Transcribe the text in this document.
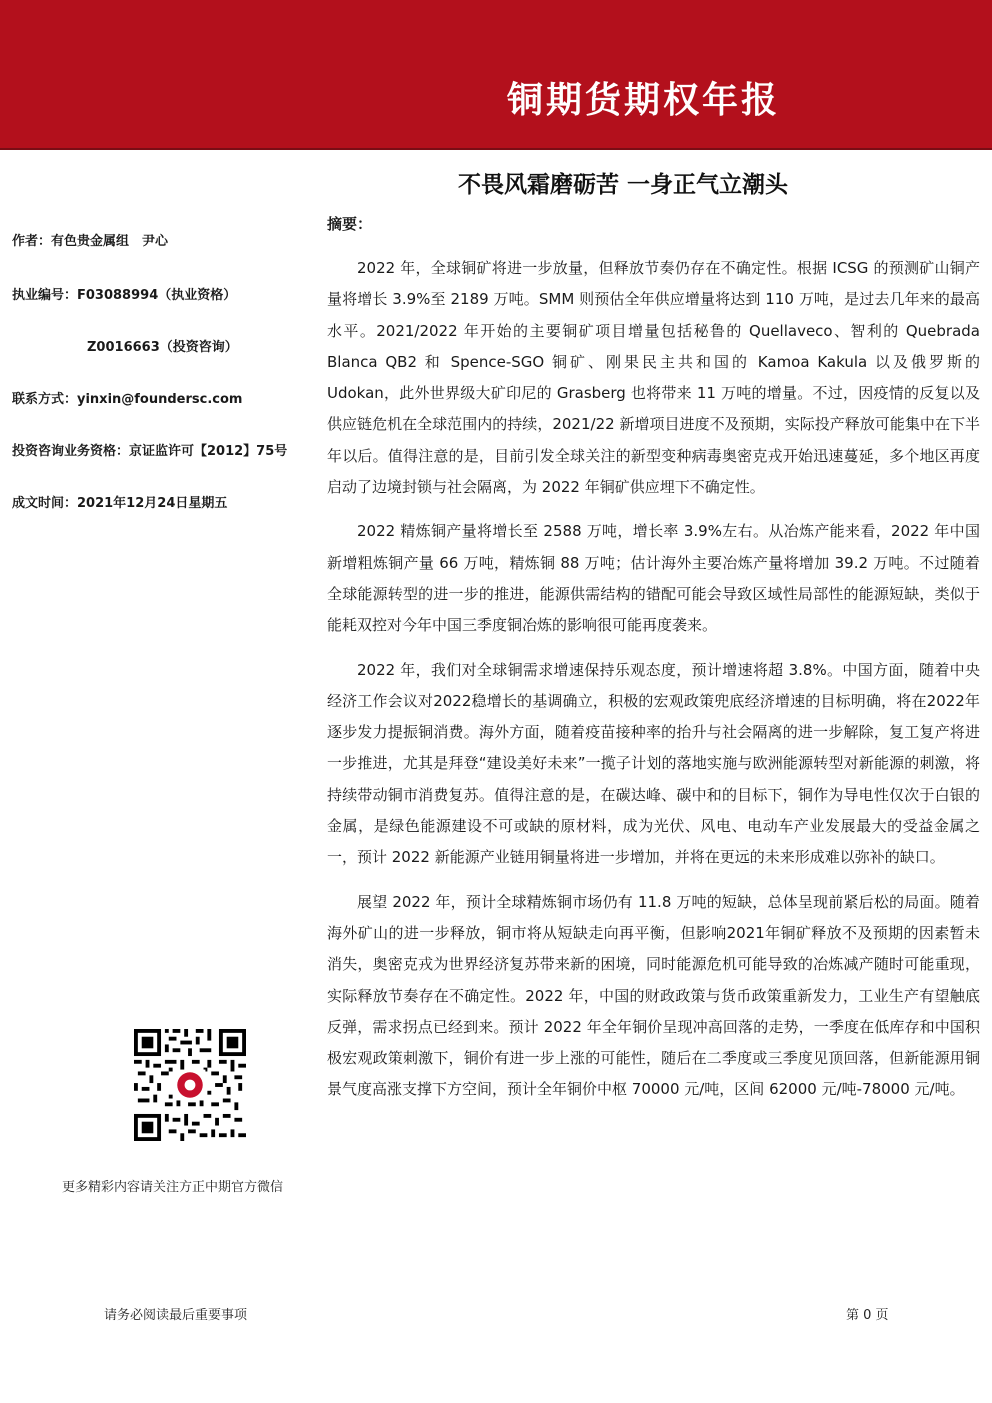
铜期货期权年报
不畏风霜磨砺苦 一身正气立潮头
作者：有色贵金属组　尹心
执业编号：F03088994（执业资格）
Z0016663（投资咨询）
联系方式：yinxin@foundersc.com
投资咨询业务资格：京证监许可【2012】75号
成文时间：2021年12月24日星期五
摘要：

2022 年，全球铜矿将进一步放量，但释放节奏仍存在不确定性。根据 ICSG 的预测矿山铜产量将增长 3.9%至 2189 万吨。SMM 则预估全年供应增量将达到 110 万吨，是过去几年来的最高水平。2021/2022 年开始的主要铜矿项目增量包括秘鲁的 Quellaveco、智利的 Quebrada Blanca QB2 和 Spence-SGO 铜矿、刚果民主共和国的 Kamoa Kakula 以及俄罗斯的 Udokan，此外世界级大矿印尼的 Grasberg 也将带来 11 万吨的增量。不过，因疫情的反复以及供应链危机在全球范围内的持续，2021/22 新增项目进度不及预期，实际投产释放可能集中在下半年以后。值得注意的是，目前引发全球关注的新型变种病毒奥密克戎开始迅速蔓延，多个地区再度启动了边境封锁与社会隔离，为 2022 年铜矿供应埋下不确定性。

2022 精炼铜产量将增长至 2588 万吨，增长率 3.9%左右。从冶炼产能来看，2022 年中国新增粗炼铜产量 66 万吨，精炼铜 88 万吨；估计海外主要冶炼产量将增加 39.2 万吨。不过随着全球能源转型的进一步的推进，能源供需结构的错配可能会导致区域性局部性的能源短缺，类似于能耗双控对今年中国三季度铜冶炼的影响很可能再度袭来。

2022 年，我们对全球铜需求增速保持乐观态度，预计增速将超 3.8%。中国方面，随着中央经济工作会议对2022稳增长的基调确立，积极的宏观政策兜底经济增速的目标明确，将在2022年逐步发力提振铜消费。海外方面，随着疫苗接种率的抬升与社会隔离的进一步解除，复工复产将进一步推进，尤其是拜登“建设美好未来”一揽子计划的落地实施与欧洲能源转型对新能源的刺激，将持续带动铜市消费复苏。值得注意的是，在碳达峰、碳中和的目标下，铜作为导电性仅次于白银的金属，是绿色能源建设不可或缺的原材料，成为光伏、风电、电动车产业发展最大的受益金属之一，预计 2022 新能源产业链用铜量将进一步增加，并将在更远的未来形成难以弥补的缺口。

展望 2022 年，预计全球精炼铜市场仍有 11.8 万吨的短缺，总体呈现前紧后松的局面。随着海外矿山的进一步释放，铜市将从短缺走向再平衡，但影响2021年铜矿释放不及预期的因素暂未消失，奥密克戎为世界经济复苏带来新的困境，同时能源危机可能导致的冶炼减产随时可能重现，实际释放节奏存在不确定性。2022 年，中国的财政政策与货币政策重新发力，工业生产有望触底反弹，需求拐点已经到来。预计 2022 年全年铜价呈现冲高回落的走势，一季度在低库存和中国积极宏观政策刺激下，铜价有进一步上涨的可能性，随后在二季度或三季度见顶回落，但新能源用铜景气度高涨支撑下方空间，预计全年铜价中枢 70000 元/吨，区间 62000 元/吨-78000 元/吨。

更多精彩内容请关注方正中期官方微信
请务必阅读最后重要事项	第 0 页
